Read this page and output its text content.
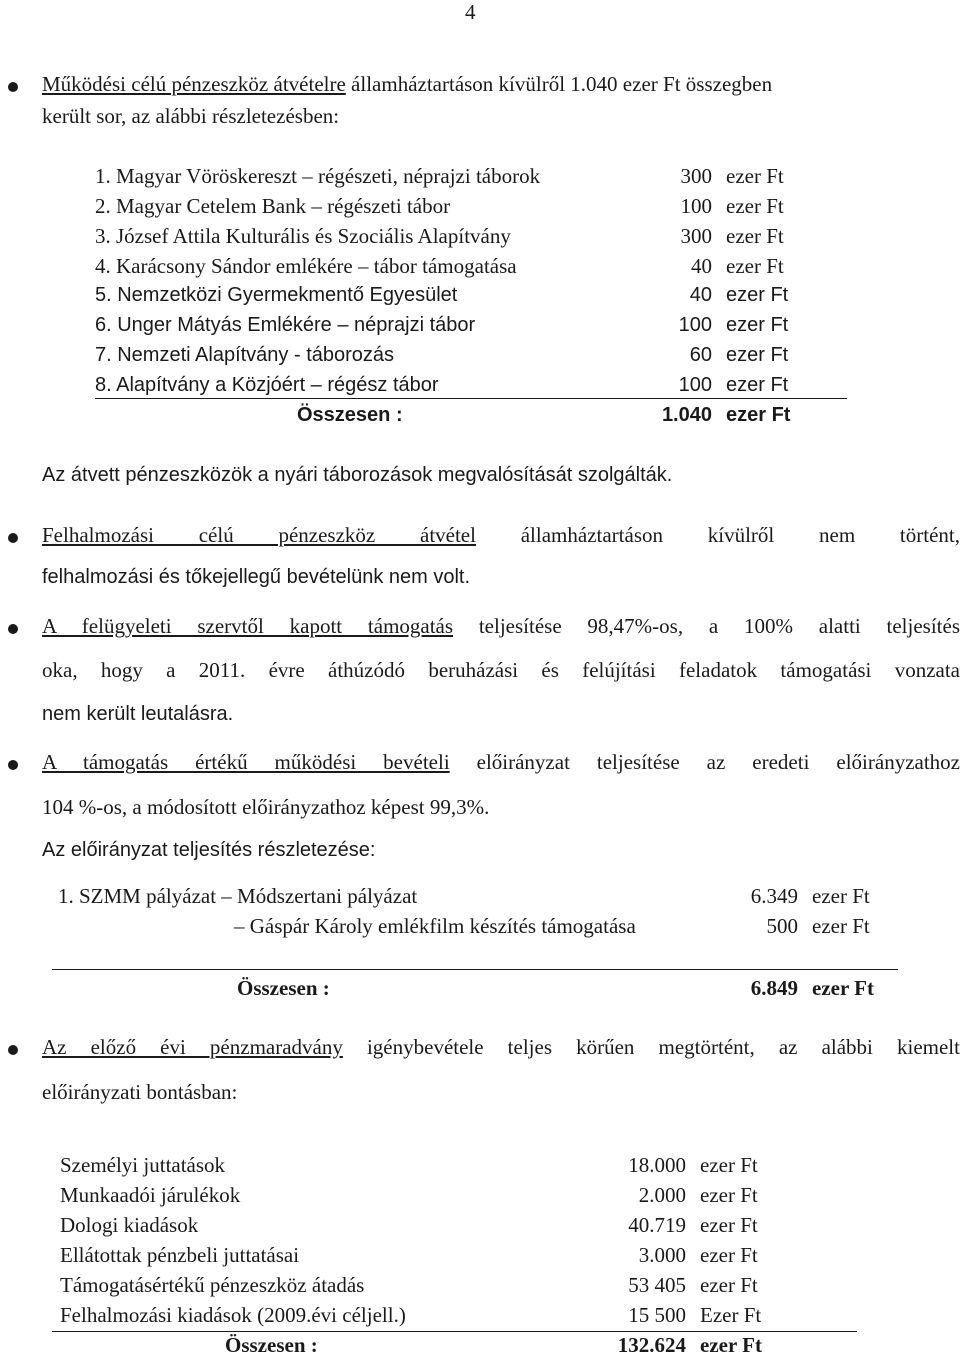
4
Működési célú pénzeszköz átvételre államháztartáson kívülről 1.040 ezer Ft összegben
került sor, az alábbi részletezésben:
1. Magyar Vöröskereszt – régészeti, néprajzi táborok	300 ezer Ft
2. Magyar Cetelem Bank – régészeti tábor	100 ezer Ft
3. József Attila Kulturális és Szociális Alapítvány	300 ezer Ft
4. Karácsony Sándor emlékére – tábor támogatása	40 ezer Ft
5. Nemzetközi Gyermekmentő Egyesület	40 ezer Ft
6. Unger Mátyás Emlékére – néprajzi tábor	100 ezer Ft
7. Nemzeti Alapítvány - táborozás	60 ezer Ft
8. Alapítvány a Közjóért – régész tábor	100 ezer Ft
Összesen :	1.040 ezer Ft
Az átvett pénzeszközök a nyári táborozások megvalósítását szolgálták.
Felhalmozási célú pénzeszköz átvétel államháztartáson kívülről nem történt,
felhalmozási és tőkejellegű bevételünk nem volt.
A felügyeleti szervtől kapott támogatás teljesítése 98,47%-os, a 100% alatti teljesítés
oka, hogy a 2011. évre áthúzódó beruházási és felújítási feladatok támogatási vonzata
nem került leutalásra.
A támogatás értékű működési bevételi előirányzat teljesítése az eredeti előirányzathoz
104 %-os, a módosított előirányzathoz képest 99,3%.
Az előirányzat teljesítés részletezése:
1. SZMM pályázat – Módszertani pályázat	6.349 ezer Ft
– Gáspár Károly emlékfilm készítés támogatása	500 ezer Ft
Összesen :	6.849 ezer Ft
Az előző évi pénzmaradvány igénybevétele teljes körűen megtörtént, az alábbi kiemelt
előirányzati bontásban:
Személyi juttatások	18.000 ezer Ft
Munkaadói járulékok	2.000 ezer Ft
Dologi kiadások	40.719 ezer Ft
Ellátottak pénzbeli juttatásai	3.000 ezer Ft
Támogatásértékű pénzeszköz átadás	53 405 ezer Ft
Felhalmozási kiadások (2009.évi céljell.)	15 500 Ezer Ft
Összesen :	132.624 ezer Ft
